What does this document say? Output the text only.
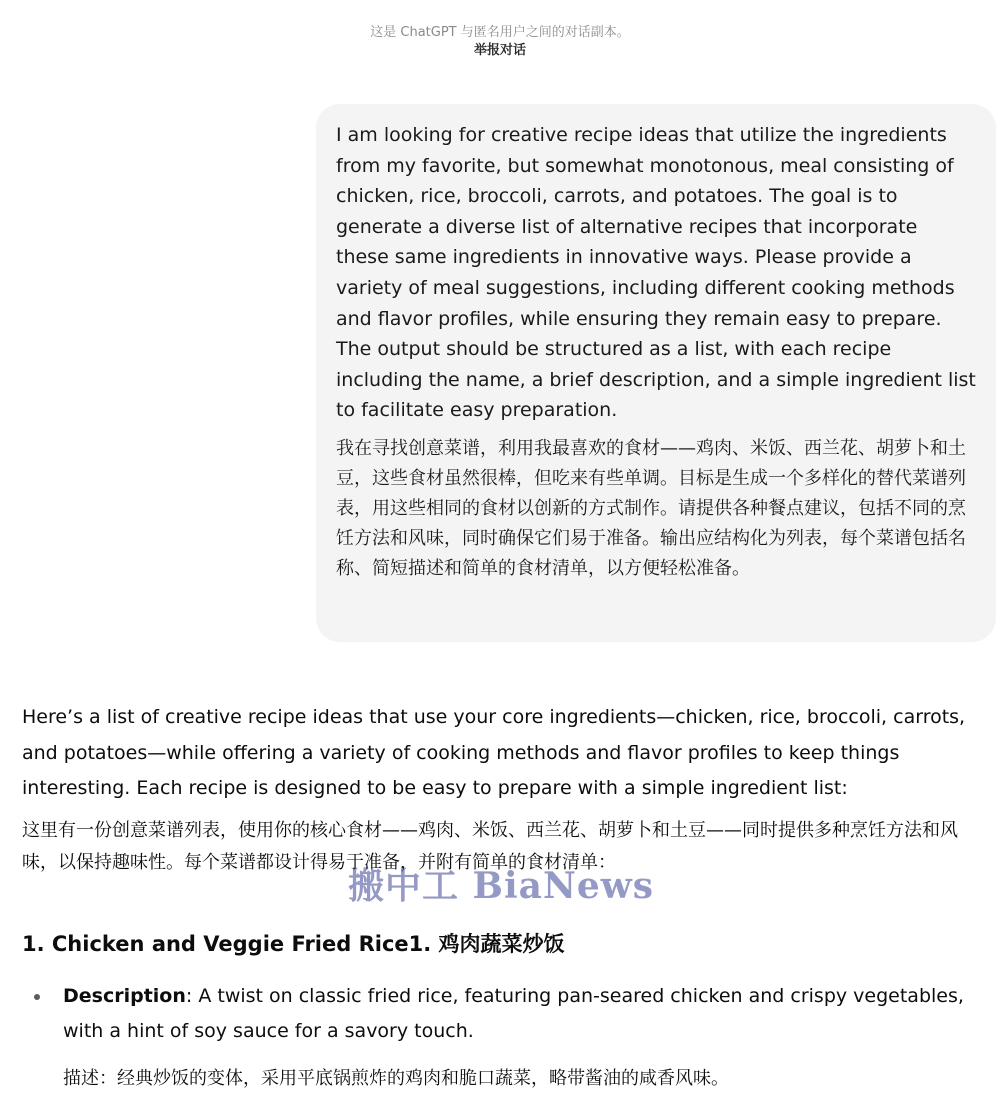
这是 ChatGPT 与匿名用户之间的对话副本。
举报对话

I am looking for creative recipe ideas that utilize the ingredients from my favorite, but somewhat monotonous, meal consisting of chicken, rice, broccoli, carrots, and potatoes. The goal is to generate a diverse list of alternative recipes that incorporate these same ingredients in innovative ways. Please provide a variety of meal suggestions, including different cooking methods and flavor profiles, while ensuring they remain easy to prepare. The output should be structured as a list, with each recipe including the name, a brief description, and a simple ingredient list to facilitate easy preparation.

我在寻找创意菜谱，利用我最喜欢的食材——鸡肉、米饭、西兰花、胡萝卜和土豆，这些食材虽然很棒，但吃来有些单调。目标是生成一个多样化的替代菜谱列表，用这些相同的食材以创新的方式制作。请提供各种餐点建议，包括不同的烹饪方法和风味，同时确保它们易于准备。输出应结构化为列表，每个菜谱包括名称、简短描述和简单的食材清单，以方便轻松准备。

Here’s a list of creative recipe ideas that use your core ingredients—chicken, rice, broccoli, carrots, and potatoes—while offering a variety of cooking methods and flavor profiles to keep things interesting. Each recipe is designed to be easy to prepare with a simple ingredient list:

这里有一份创意菜谱列表，使用你的核心食材——鸡肉、米饭、西兰花、胡萝卜和土豆——同时提供多种烹饪方法和风味，以保持趣味性。每个菜谱都设计得易于准备，并附有简单的食材清单：

1. Chicken and Veggie Fried Rice1. 鸡肉蔬菜炒饭

Description: A twist on classic fried rice, featuring pan-seared chicken and crispy vegetables, with a hint of soy sauce for a savory touch.

描述：经典炒饭的变体，采用平底锅煎炸的鸡肉和脆口蔬菜，略带酱油的咸香风味。

搬中工 BiaNews
